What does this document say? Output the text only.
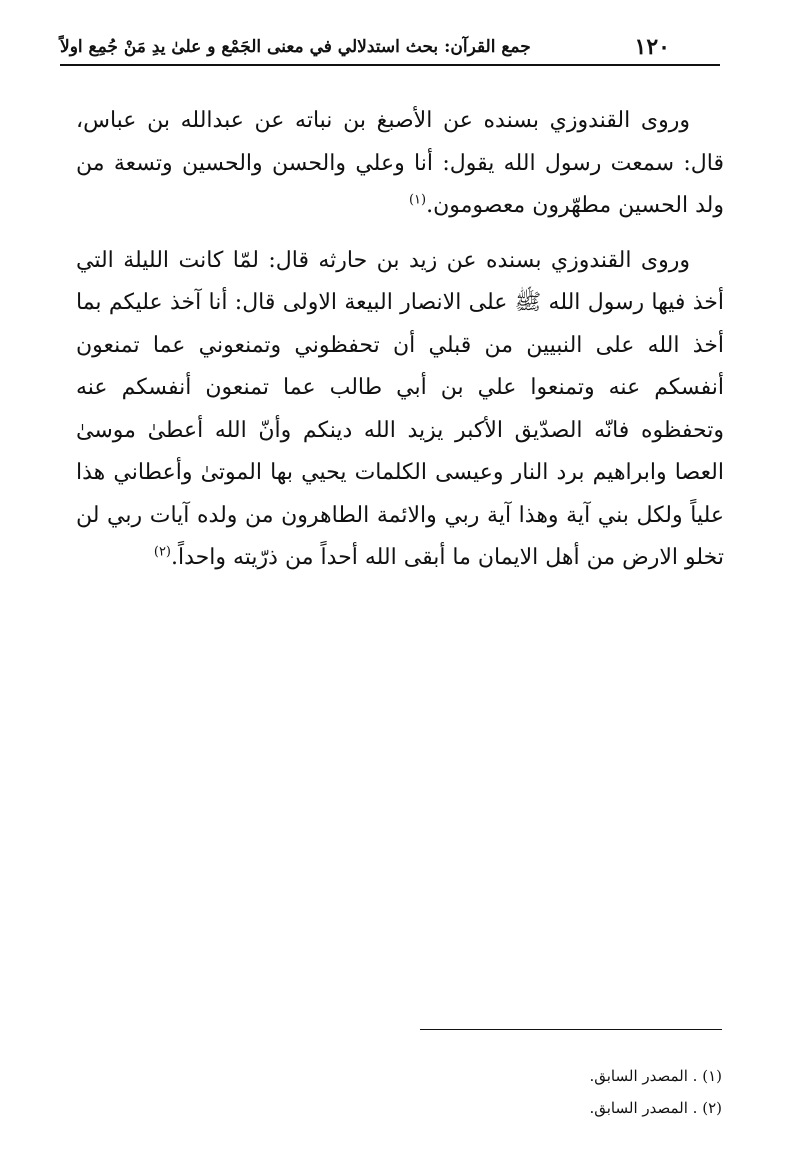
١٢٠
جمع القرآن: بحث استدلالي في معنى الجَمْع و علىٰ يدِ مَنْ جُمِع اولاً

وروى القندوزي بسنده عن الأصبغ بن نباته عن عبدالله بن عباس، قال: سمعت رسول الله يقول: أنا وعلي والحسن والحسين وتسعة من ولد الحسين مطهّرون معصومون.$^{(١)}$

وروى القندوزي بسنده عن زيد بن حارثه قال: لمّا كانت الليلة التي أخذ فيها رسول الله ﷺ على الانصار البيعة الاولى قال: أنا آخذ عليكم بما أخذ الله على النبيين من قبلي أن تحفظوني وتمنعوني عما تمنعون أنفسكم عنه وتمنعوا علي بن أبي طالب عما تمنعون أنفسكم عنه وتحفظوه فانّه الصدّيق الأكبر يزيد الله دينكم وأنّ الله أعطىٰ موسىٰ العصا وابراهيم برد النار وعيسى الكلمات يحيي بها الموتىٰ وأعطاني هذا علياً ولكل بني آية وهذا آية ربي والائمة الطاهرون من ولده آيات ربي لن تخلو الارض من أهل الايمان ما أبقى الله أحداً من ذرّيته واحداً.$^{(٢)}$

(١) . المصدر السابق.
(٢) . المصدر السابق.
